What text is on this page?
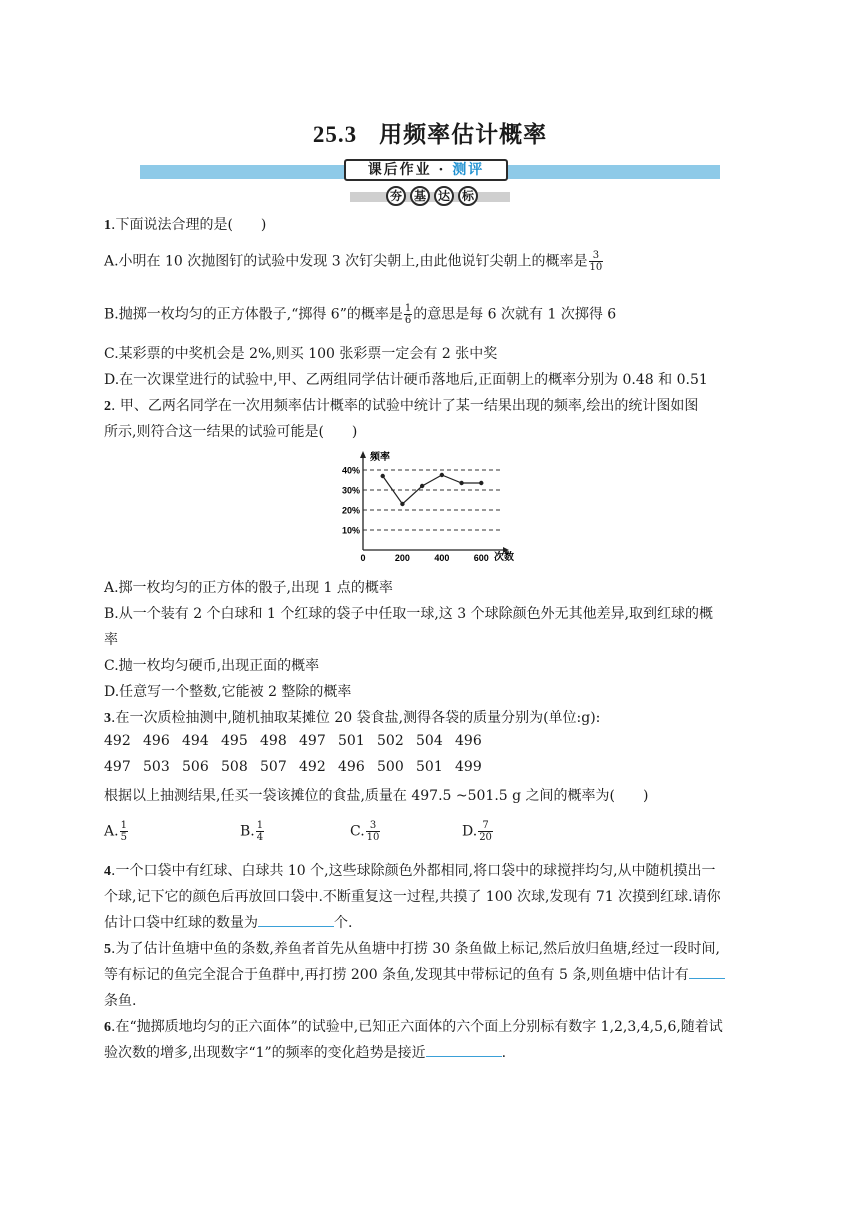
25.3 用频率估计概率
课后作业 · 测评
夯 基 达 标
1.下面说法合理的是(　　)
A.小明在 10 次抛图钉的试验中发现 3 次钉尖朝上,由此他说钉尖朝上的概率是 $\frac{3}{10}$
B.抛掷一枚均匀的正方体骰子,“掷得 6”的概率是 $\frac{1}{6}$ 的意思是每 6 次就有 1 次掷得 6
C.某彩票的中奖机会是 2%,则买 100 张彩票一定会有 2 张中奖
D.在一次课堂进行的试验中,甲、乙两组同学估计硬币落地后,正面朝上的概率分别为 0.48 和 0.51
2. 甲、乙两名同学在一次用频率估计概率的试验中统计了某一结果出现的频率,绘出的统计图如图
所示,则符合这一结果的试验可能是(　　)
10%
20%
30%
40%
0	200	400	600
频率
次数
A.掷一枚均匀的正方体的骰子,出现 1 点的概率
B.从一个装有 2 个白球和 1 个红球的袋子中任取一球,这 3 个球除颜色外无其他差异,取到红球的概
率
C.抛一枚均匀硬币,出现正面的概率
D.任意写一个整数,它能被 2 整除的概率
3.在一次质检抽测中,随机抽取某摊位 20 袋食盐,测得各袋的质量分别为(单位:g):
492 496 494 495 498 497 501 502 504 496
497 503 506 508 507 492 496 500 501 499
根据以上抽测结果,任买一袋该摊位的食盐,质量在 497.5 ~501.5 g 之间的概率为(　　)
A. $\frac{1}{5}$	B. $\frac{1}{4}$	C. $\frac{3}{10}$	D. $\frac{7}{20}$
4.一个口袋中有红球、白球共 10 个,这些球除颜色外都相同,将口袋中的球搅拌均匀,从中随机摸出一
个球,记下它的颜色后再放回口袋中.不断重复这一过程,共摸了 100 次球,发现有 71 次摸到红球.请你
估计口袋中红球的数量为	个.
5.为了估计鱼塘中鱼的条数,养鱼者首先从鱼塘中打捞 30 条鱼做上标记,然后放归鱼塘,经过一段时间,
等有标记的鱼完全混合于鱼群中,再打捞 200 条鱼,发现其中带标记的鱼有 5 条,则鱼塘中估计有
条鱼.
6.在“抛掷质地均匀的正六面体”的试验中,已知正六面体的六个面上分别标有数字 1,2,3,4,5,6,随着试
验次数的增多,出现数字“1”的频率的变化趋势是接近	.
